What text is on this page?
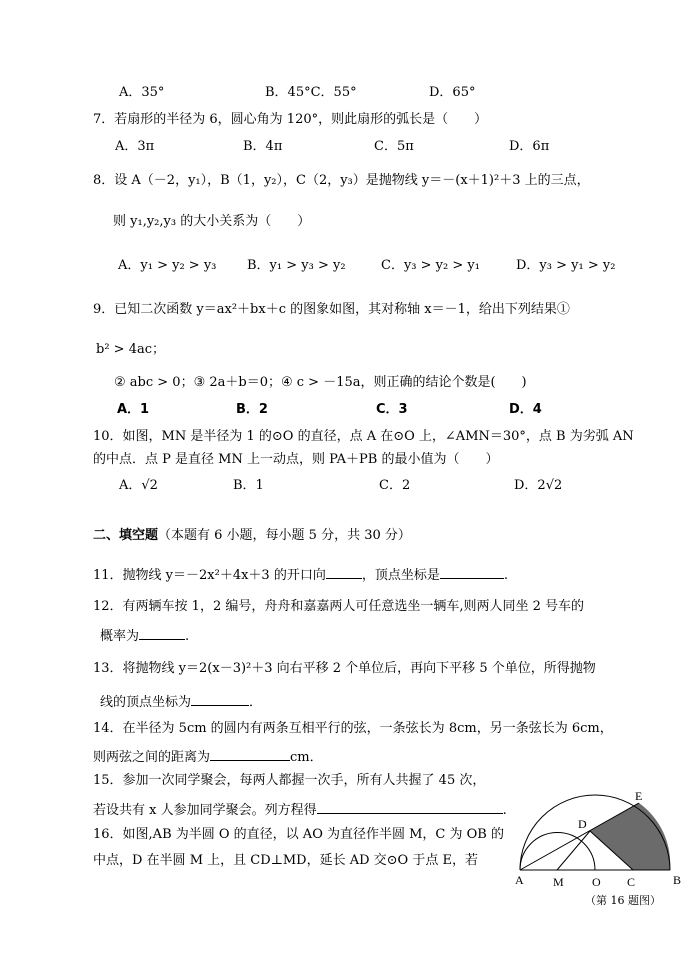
A．35°	B．45°C．55°	D．65°
7．若扇形的半径为 6，圆心角为 120°，则此扇形的弧长是（　　）
A．3π	B．4π	C．5π	D．6π
8．设 A（－2，y₁），B（1，y₂），C（2，y₃）是抛物线 y＝－(x＋1)²＋3 上的三点，
则 y₁,y₂,y₃ 的大小关系为（　　）
A．y₁ > y₂ > y₃ B．y₁ > y₃ > y₂	C．y₃ > y₂ > y₁	D．y₃ > y₁ > y₂
9．已知二次函数 y＝ax²＋bx＋c 的图象如图，其对称轴 x＝－1，给出下列结果①
b² > 4ac；
② abc > 0；③ 2a＋b＝0；④ c > －15a，则正确的结论个数是(　　)
A．1	B．2	C．3	D．4
10．如图，MN 是半径为 1 的⊙O 的直径，点 A 在⊙O 上，∠AMN＝30°，点 B 为劣弧 AN
的中点．点 P 是直径 MN 上一动点，则 PA＋PB 的最小值为（　　）
A．√2	B．1	C．2	D．2√2
二、填空题（本题有 6 小题，每小题 5 分，共 30 分）
11．抛物线 y＝－2x²＋4x＋3 的开口向	，顶点坐标是	.
12．有两辆车按 1，2 编号，舟舟和嘉嘉两人可任意选坐一辆车,则两人同坐 2 号车的
概率为	.
13．将抛物线 y＝2(x－3)²＋3 向右平移 2 个单位后，再向下平移 5 个单位，所得抛物
线的顶点坐标为	．
14．在半径为 5cm 的圆内有两条互相平行的弦，一条弦长为 8cm，另一条弦长为 6cm，
则两弦之间的距离为	cm．
15．参加一次同学聚会，每两人都握一次手，所有人共握了 45 次，
若设共有 x 人参加同学聚会。列方程得	.
16．如图,AB 为半圆 O 的直径，以 AO 为直径作半圆 M，C 为 OB 的
中点，D 在半圆 M 上，且 CD⊥MD，延长 AD 交⊙O 于点 E，若
A M O C	B
D
E
（第 16 题图）
